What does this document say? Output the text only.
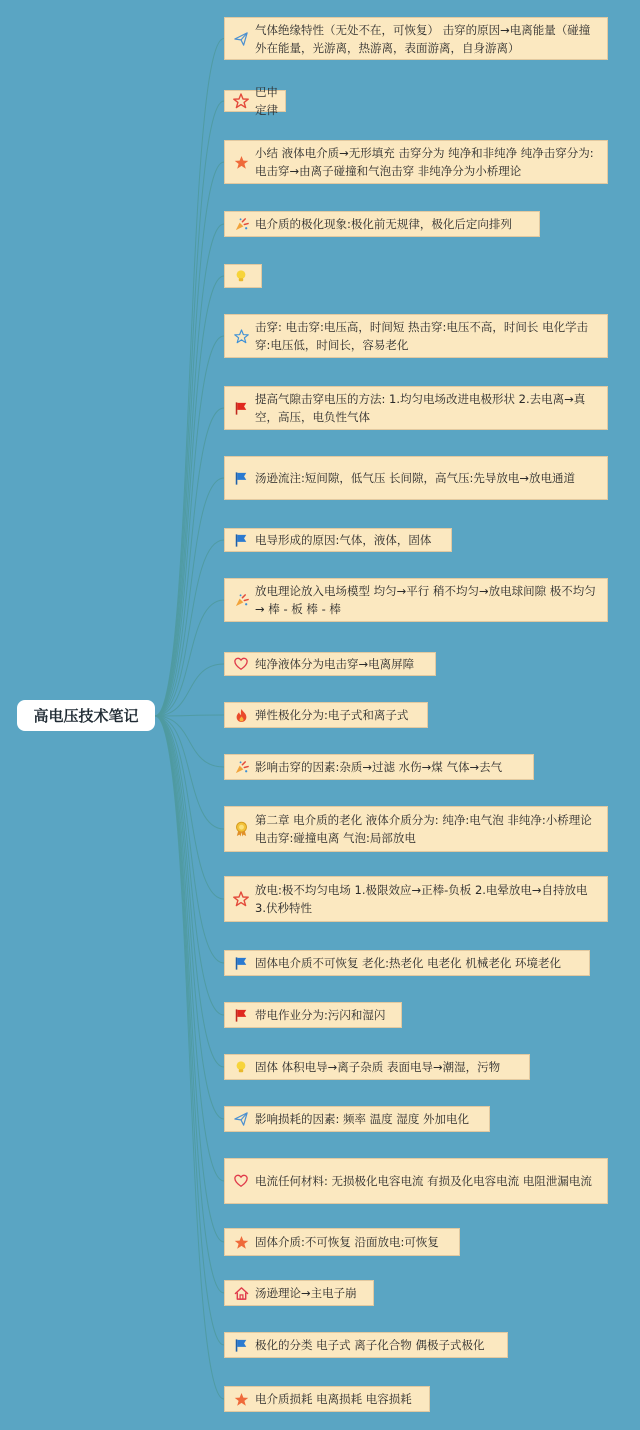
高电压技术笔记
气体绝缘特性（无处不在，可恢复） 击穿的原因→电离能量（碰撞外在能量，光游离，热游离，表面游离，自身游离）
巴申定律
小结 液体电介质→无形填充 击穿分为 纯净和非纯净 纯净击穿分为:电击穿→由离子碰撞和气泡击穿 非纯净分为小桥理论
电介质的极化现象:极化前无规律，极化后定向排列
击穿: 电击穿:电压高，时间短 热击穿:电压不高，时间长 电化学击穿:电压低，时间长，容易老化
提高气隙击穿电压的方法: 1.均匀电场改进电极形状 2.去电离→真空，高压，电负性气体
汤逊流注:短间隙，低气压 长间隙，高气压:先导放电→放电通道
电导形成的原因:气体，液体，固体
放电理论放入电场模型 均匀→平行 稍不均匀→放电球间隙 极不均匀→ 棒 - 板 棒 - 棒
纯净液体分为电击穿→电离屏障
弹性极化分为:电子式和离子式
影响击穿的因素:杂质→过滤 水伤→煤 气体→去气
第二章 电介质的老化 液体介质分为: 纯净:电气泡 非纯净:小桥理论 电击穿:碰撞电离 气泡:局部放电
放电:极不均匀电场 1.极限效应→正棒-负板 2.电晕放电→自持放电 3.伏秒特性
固体电介质不可恢复 老化:热老化 电老化 机械老化 环境老化
带电作业分为:污闪和湿闪
固体 体积电导→离子杂质 表面电导→潮湿，污物
影响损耗的因素: 频率 温度 湿度 外加电化
电流任何材料: 无损极化电容电流 有损及化电容电流 电阻泄漏电流
固体介质:不可恢复 沿面放电:可恢复
汤逊理论→主电子崩
极化的分类 电子式 离子化合物 偶极子式极化
电介质损耗 电离损耗 电容损耗
